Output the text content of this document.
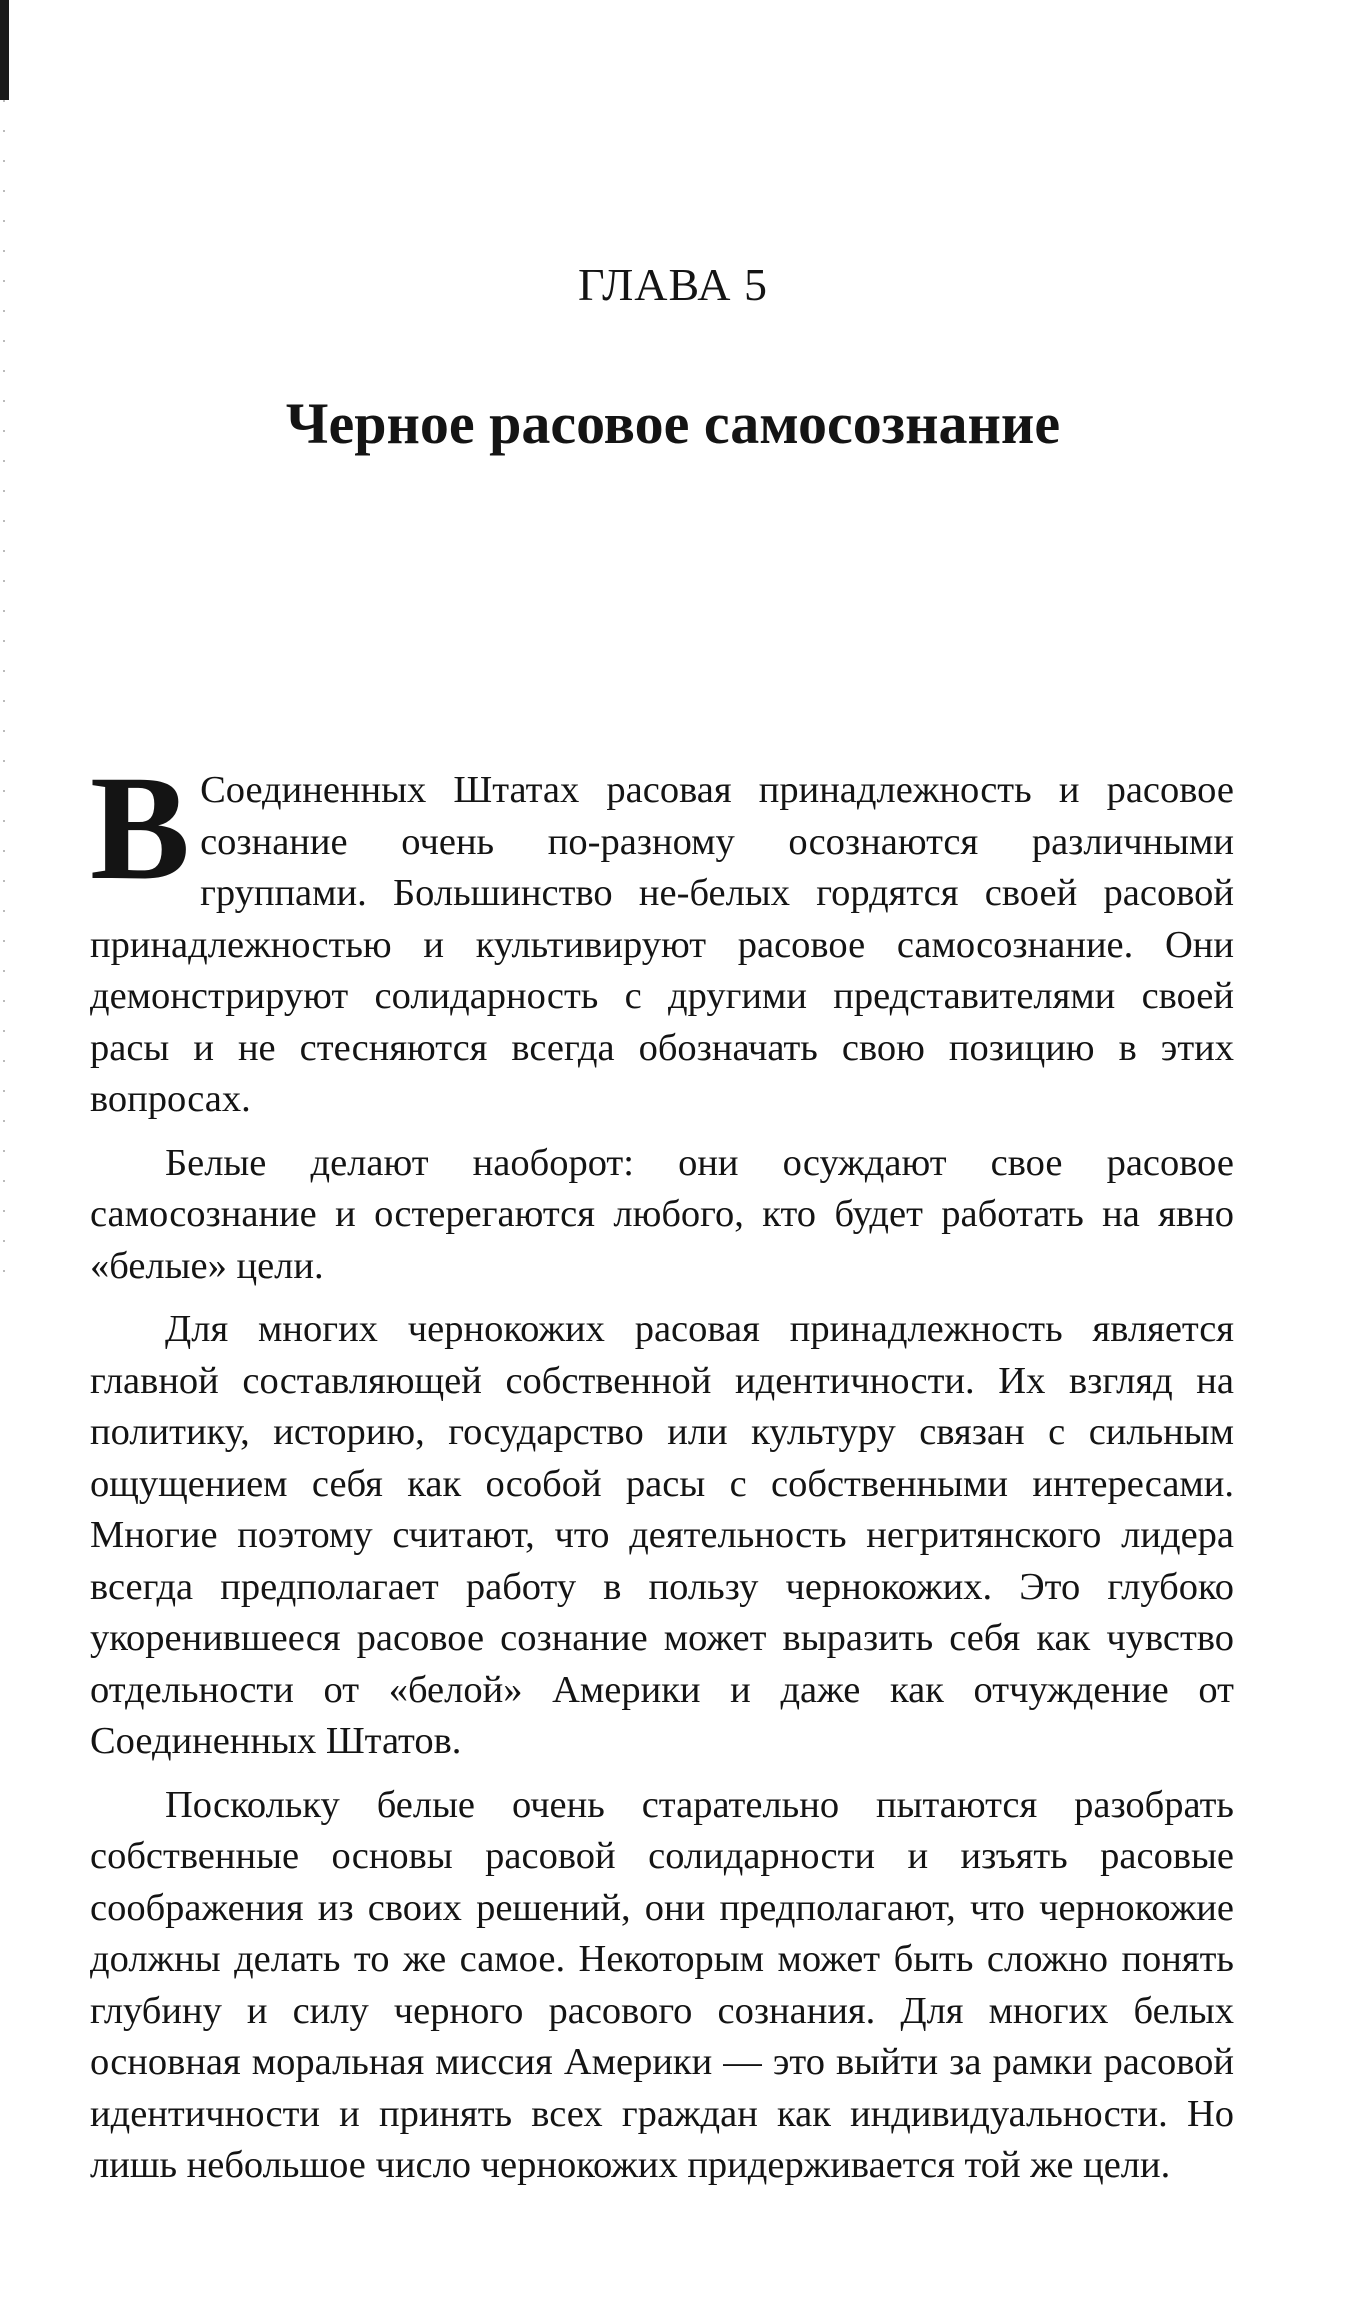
ГЛАВА 5
Черное расовое самосознание

В Соединенных Штатах расовая принадлежность и расовое сознание очень по-разному осознаются различными группами. Большинство не-белых гордятся своей расовой принадлежностью и культивируют расовое самосознание. Они демонстрируют солидарность с другими представителями своей расы и не стесняются всегда обозначать свою позицию в этих вопросах.

Белые делают наоборот: они осуждают свое расовое самосознание и остерегаются любого, кто будет работать на явно «белые» цели.

Для многих чернокожих расовая принадлежность является главной составляющей собственной идентичности. Их взгляд на политику, историю, государство или культуру связан с сильным ощущением себя как особой расы с собственными интересами. Многие поэтому считают, что деятельность негритянского лидера всегда предполагает работу в пользу чернокожих. Это глубоко укоренившееся расовое сознание может выразить себя как чувство отдельности от «белой» Америки и даже как отчуждение от Соединенных Штатов.

Поскольку белые очень старательно пытаются разобрать собственные основы расовой солидарности и изъять расовые соображения из своих решений, они предполагают, что чернокожие должны делать то же самое. Некоторым может быть сложно понять глубину и силу черного расового сознания. Для многих белых основная моральная миссия Америки — это выйти за рамки расовой идентичности и принять всех граждан как индивидуальности. Но лишь небольшое число чернокожих придерживается той же цели.
